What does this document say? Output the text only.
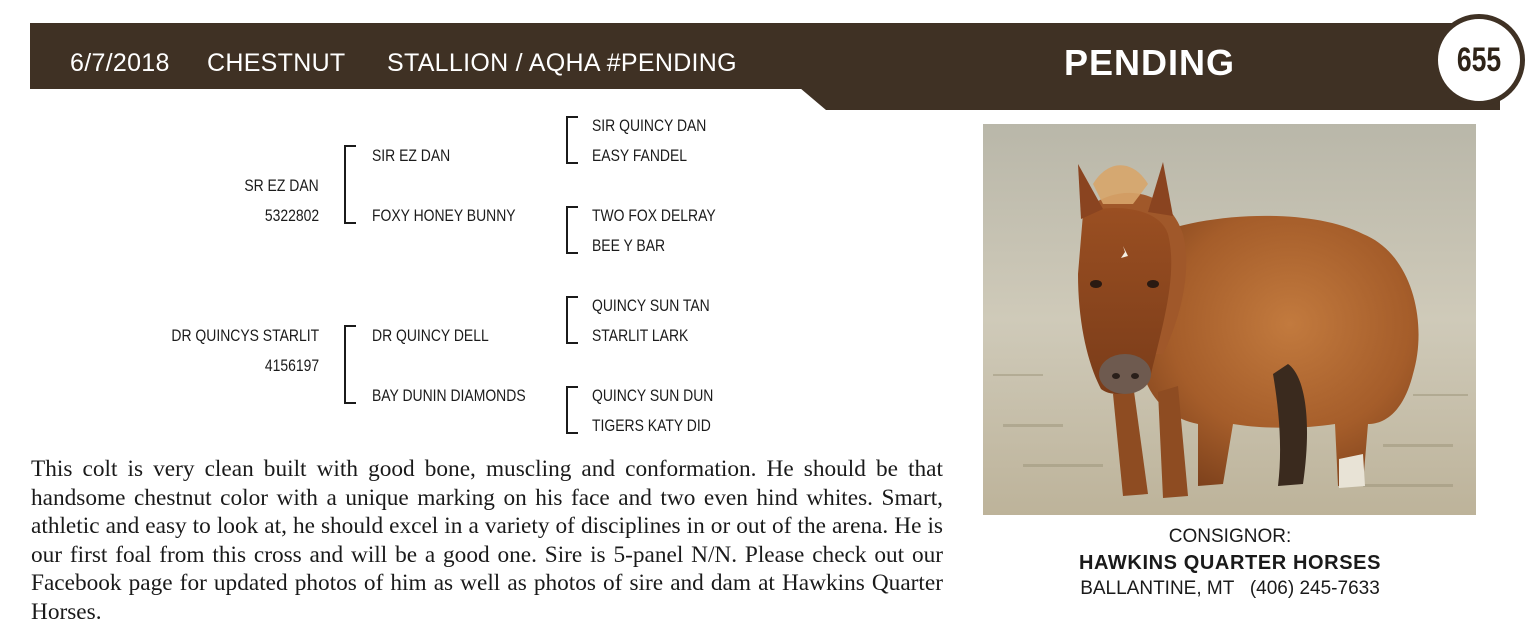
6/7/2018 CHESTNUT STALLION / AQHA #PENDING	PENDING	655
SR EZ DAN
5322802
DR QUINCYS STARLIT
4156197
SIR EZ DAN
FOXY HONEY BUNNY
DR QUINCY DELL
BAY DUNIN DIAMONDS
SIR QUINCY DAN
EASY FANDEL
TWO FOX DELRAY
BEE Y BAR
QUINCY SUN TAN
STARLIT LARK
QUINCY SUN DUN
TIGERS KATY DID

This colt is very clean built with good bone, muscling and conformation. He should be that handsome chestnut color with a unique marking on his face and two even hind whites. Smart, athletic and easy to look at, he should excel in a variety of disciplines in or out of the arena. He is our first foal from this cross and will be a good one. Sire is 5-panel N/N. Please check out our Facebook page for updated photos of him as well as photos of sire and dam at Hawkins Quarter Horses.

CONSIGNOR:
HAWKINS QUARTER HORSES
BALLANTINE, MT   (406) 245-7633
